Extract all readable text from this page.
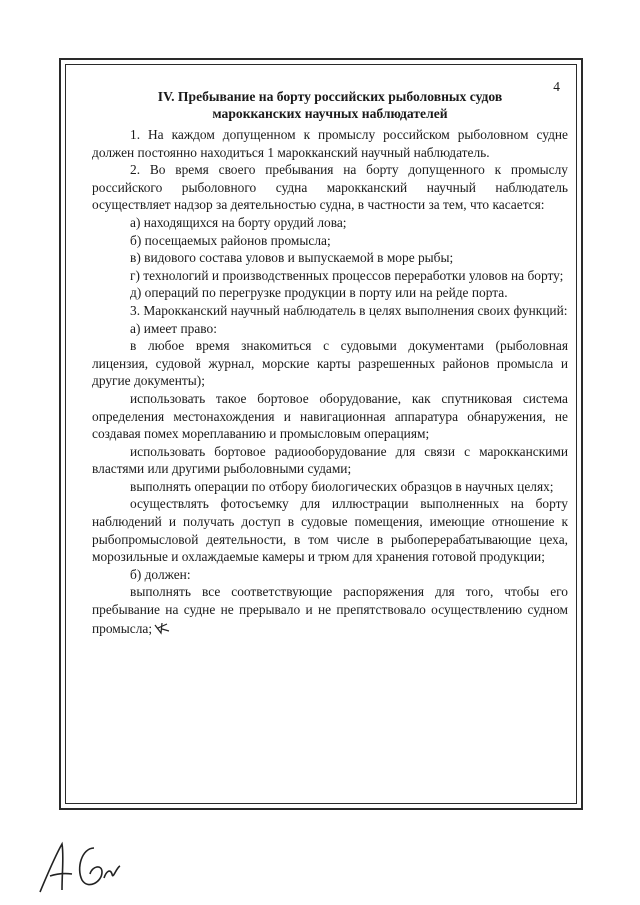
4
IV. Пребывание на борту российских рыболовных судов
марокканских научных наблюдателей

1. На каждом допущенном к промыслу российском рыболовном судне должен постоянно находиться 1 марокканский научный наблюдатель.

2. Во время своего пребывания на борту допущенного к промыслу российского рыболовного судна марокканский научный наблюдатель осуществляет надзор за деятельностью судна, в частности за тем, что касается:

а) находящихся на борту орудий лова;

б) посещаемых районов промысла;

в) видового состава уловов и выпускаемой в море рыбы;

г) технологий и производственных процессов переработки уловов на борту;

д) операций по перегрузке продукции в порту или на рейде порта.

3. Марокканский научный наблюдатель в целях выполнения своих функций:

а) имеет право:

в любое время знакомиться с судовыми документами (рыболовная лицензия, судовой журнал, морские карты разрешенных районов промысла и другие документы);

использовать такое бортовое оборудование, как спутниковая система определения местонахождения и навигационная аппаратура обнаружения, не создавая помех мореплаванию и промысловым операциям;

использовать бортовое радиооборудование для связи с марокканскими властями или другими рыболовными судами;

выполнять операции по отбору биологических образцов в научных целях;

осуществлять фотосъемку для иллюстрации выполненных на борту наблюдений и получать доступ в судовые помещения, имеющие отношение к рыбопромысловой деятельности, в том числе в рыбоперерабатывающие цеха, морозильные и охлаждаемые камеры и трюм для хранения готовой продукции;

б) должен:

выполнять все соответствующие распоряжения для того, чтобы его пребывание на судне не прерывало и не препятствовало осуществлению судном промысла;
